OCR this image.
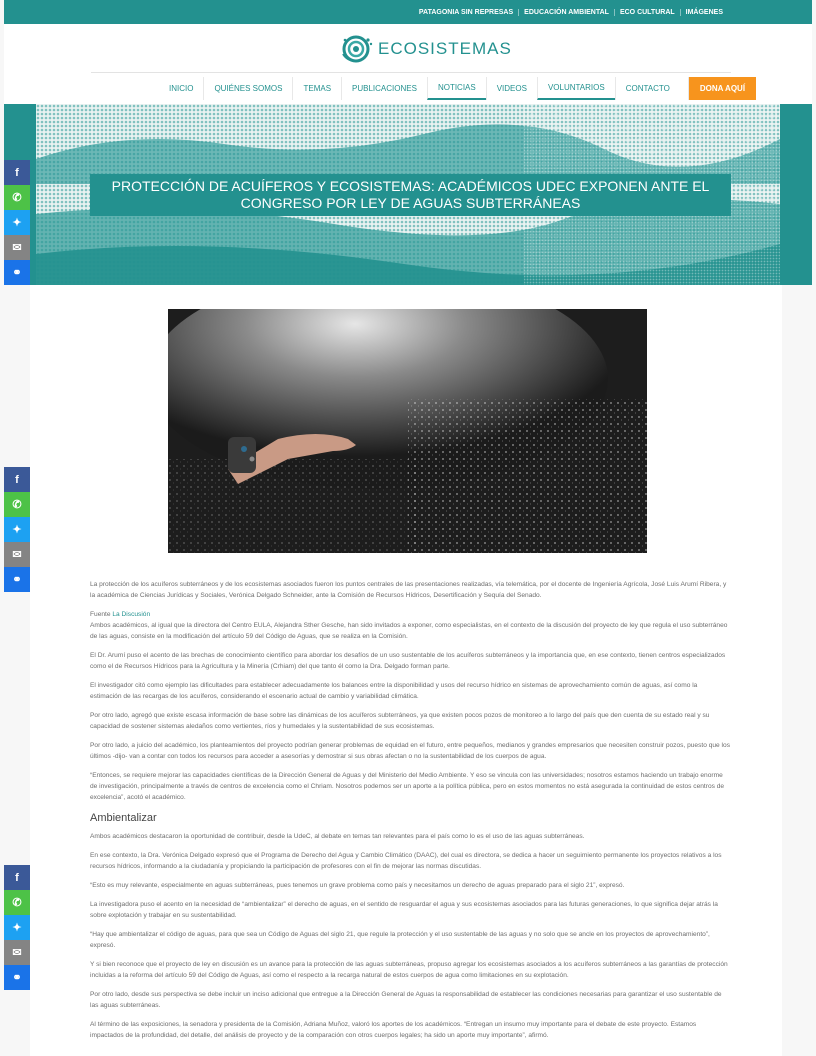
PATAGONIA SIN REPRESAS	EDUCACIÓN AMBIENTAL	ECO CULTURAL	IMÁGENES
ECOSISTEMAS
INICIO	QUIÉNES SOMOS	TEMAS	PUBLICACIONES	NOTICIAS	VIDEOS	VOLUNTARIOS	CONTACTO	DONA AQUÍ
PROTECCIÓN DE ACUÍFEROS Y ECOSISTEMAS: ACADÉMICOS UDEC EXPONEN ANTE EL CONGRESO POR LEY DE AGUAS SUBTERRÁNEAS

La protección de los acuíferos subterráneos y de los ecosistemas asociados fueron los puntos centrales de las presentaciones realizadas, vía telemática, por el docente de Ingeniería Agrícola, José Luis Arumí Ribera, y la académica de Ciencias Jurídicas y Sociales, Verónica Delgado Schneider, ante la Comisión de Recursos Hídricos, Desertificación y Sequía del Senado.

Fuente La Discusión

Ambos académicos, al igual que la directora del Centro EULA, Alejandra Sther Gesche, han sido invitados a exponer, como especialistas, en el contexto de la discusión del proyecto de ley que regula el uso subterráneo de las aguas, consiste en la modificación del artículo 59 del Código de Aguas, que se realiza en la Comisión.

El Dr. Arumí puso el acento de las brechas de conocimiento científico para abordar los desafíos de un uso sustentable de los acuíferos subterráneos y la importancia que, en ese contexto, tienen centros especializados como el de Recursos Hídricos para la Agricultura y la Minería (Crhiam) del que tanto él como la Dra. Delgado forman parte.

El investigador citó como ejemplo las dificultades para establecer adecuadamente los balances entre la disponibilidad y usos del recurso hídrico en sistemas de aprovechamiento común de aguas, así como la estimación de las recargas de los acuíferos, considerando el escenario actual de cambio y variabilidad climática.

Por otro lado, agregó que existe escasa información de base sobre las dinámicas de los acuíferos subterráneos, ya que existen pocos pozos de monitoreo a lo largo del país que den cuenta de su estado real y su capacidad de sostener sistemas aledaños como vertientes, ríos y humedales y la sustentabilidad de sus ecosistemas.

Por otro lado, a juicio del académico, los planteamientos del proyecto podrían generar problemas de equidad en el futuro, entre pequeños, medianos y grandes empresarios que necesiten construir pozos, puesto que los últimos -dijo- van a contar con todos los recursos para acceder a asesorías y demostrar si sus obras afectan o no la sustentabilidad de los cuerpos de agua.

“Entonces, se requiere mejorar las capacidades científicas de la Dirección General de Aguas y del Ministerio del Medio Ambiente. Y eso se vincula con las universidades; nosotros estamos haciendo un trabajo enorme de investigación, principalmente a través de centros de excelencia como el Chriam. Nosotros podemos ser un aporte a la política pública, pero en estos momentos no está asegurada la continuidad de estos centros de excelencia”, acotó el académico.

Ambientalizar

Ambos académicos destacaron la oportunidad de contribuir, desde la UdeC, al debate en temas tan relevantes para el país como lo es el uso de las aguas subterráneas.

En ese contexto, la Dra. Verónica Delgado expresó que el Programa de Derecho del Agua y Cambio Climático (DAAC), del cual es directora, se dedica a hacer un seguimiento permanente los proyectos relativos a los recursos hídricos, informando a la ciudadanía y propiciando la participación de profesores con el fin de mejorar las normas discutidas.

“Esto es muy relevante, especialmente en aguas subterráneas, pues tenemos un grave problema como país y necesitamos un derecho de aguas preparado para el siglo 21”, expresó.

La investigadora puso el acento en la necesidad de “ambientalizar” el derecho de aguas, en el sentido de resguardar el agua y sus ecosistemas asociados para las futuras generaciones, lo que significa dejar atrás la sobre explotación y trabajar en su sustentabilidad.

“Hay que ambientalizar el código de aguas, para que sea un Código de Aguas del siglo 21, que regule la protección y el uso sustentable de las aguas y no solo que se ancle en los proyectos de aprovechamiento”, expresó.

Y si bien reconoce que el proyecto de ley en discusión es un avance para la protección de las aguas subterráneas, propuso agregar los ecosistemas asociados a los acuíferos subterráneos a las garantías de protección incluidas a la reforma del artículo 59 del Código de Aguas, así como el respecto a la recarga natural de estos cuerpos de agua como limitaciones en su explotación.

Por otro lado, desde sus perspectiva se debe incluir un inciso adicional que entregue a la Dirección General de Aguas la responsabilidad de establecer las condiciones necesarias para garantizar el uso sustentable de las aguas subterráneas.

Al término de las exposiciones, la senadora y presidenta de la Comisión, Adriana Muñoz, valoró los aportes de los académicos. “Entregan un insumo muy importante para el debate de este proyecto. Estamos impactados de la profundidad, del detalle, del análisis de proyecto y de la comparación con otros cuerpos legales; ha sido un aporte muy importante”, afirmó.

f
✆
✦
✉
⚭
f
✆
✦
✉
⚭
f
✆
✦
✉
⚭
